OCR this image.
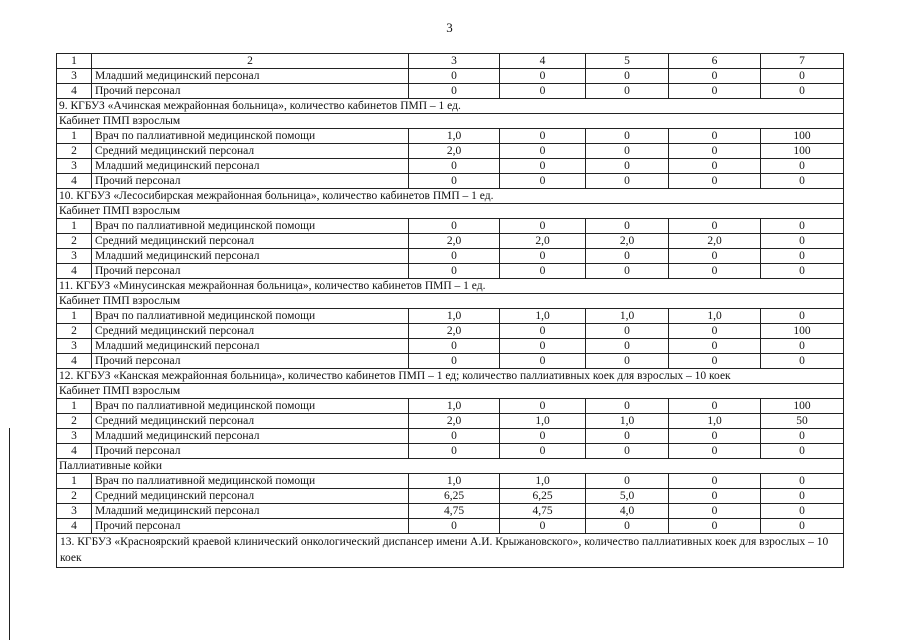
3
1	2	3	4	5	6	7
3	Младший медицинский персонал	0	0	0	0	0
4	Прочий персонал	0	0	0	0	0
9. КГБУЗ «Ачинская межрайонная больница», количество кабинетов ПМП – 1 ед.						
Кабинет ПМП взрослым						
1	Врач по паллиативной медицинской помощи	1,0	0	0	0	100
2	Средний медицинский персонал	2,0	0	0	0	100
3	Младший медицинский персонал	0	0	0	0	0
4	Прочий персонал	0	0	0	0	0
10. КГБУЗ «Лесосибирская межрайонная больница», количество кабинетов ПМП – 1 ед.						
Кабинет ПМП взрослым						
1	Врач по паллиативной медицинской помощи	0	0	0	0	0
2	Средний медицинский персонал	2,0	2,0	2,0	2,0	0
3	Младший медицинский персонал	0	0	0	0	0
4	Прочий персонал	0	0	0	0	0
11. КГБУЗ «Минусинская межрайонная больница», количество кабинетов ПМП – 1 ед.						
Кабинет ПМП взрослым						
1	Врач по паллиативной медицинской помощи	1,0	1,0	1,0	1,0	0
2	Средний медицинский персонал	2,0	0	0	0	100
3	Младший медицинский персонал	0	0	0	0	0
4	Прочий персонал	0	0	0	0	0
12. КГБУЗ «Канская межрайонная больница», количество кабинетов ПМП – 1 ед; количество паллиативных коек для взрослых – 10 коек						
Кабинет ПМП взрослым						
1	Врач по паллиативной медицинской помощи	1,0	0	0	0	100
2	Средний медицинский персонал	2,0	1,0	1,0	1,0	50
3	Младший медицинский персонал	0	0	0	0	0
4	Прочий персонал	0	0	0	0	0
Паллиативные койки						
1	Врач по паллиативной медицинской помощи	1,0	1,0	0	0	0
2	Средний медицинский персонал	6,25	6,25	5,0	0	0
3	Младший медицинский персонал	4,75	4,75	4,0	0	0
4	Прочий персонал	0	0	0	0	0
13. КГБУЗ «Красноярский краевой клинический онкологический диспансер имени А.И. Крыжановского», количество паллиативных коек для взрослых – 10 коек						
